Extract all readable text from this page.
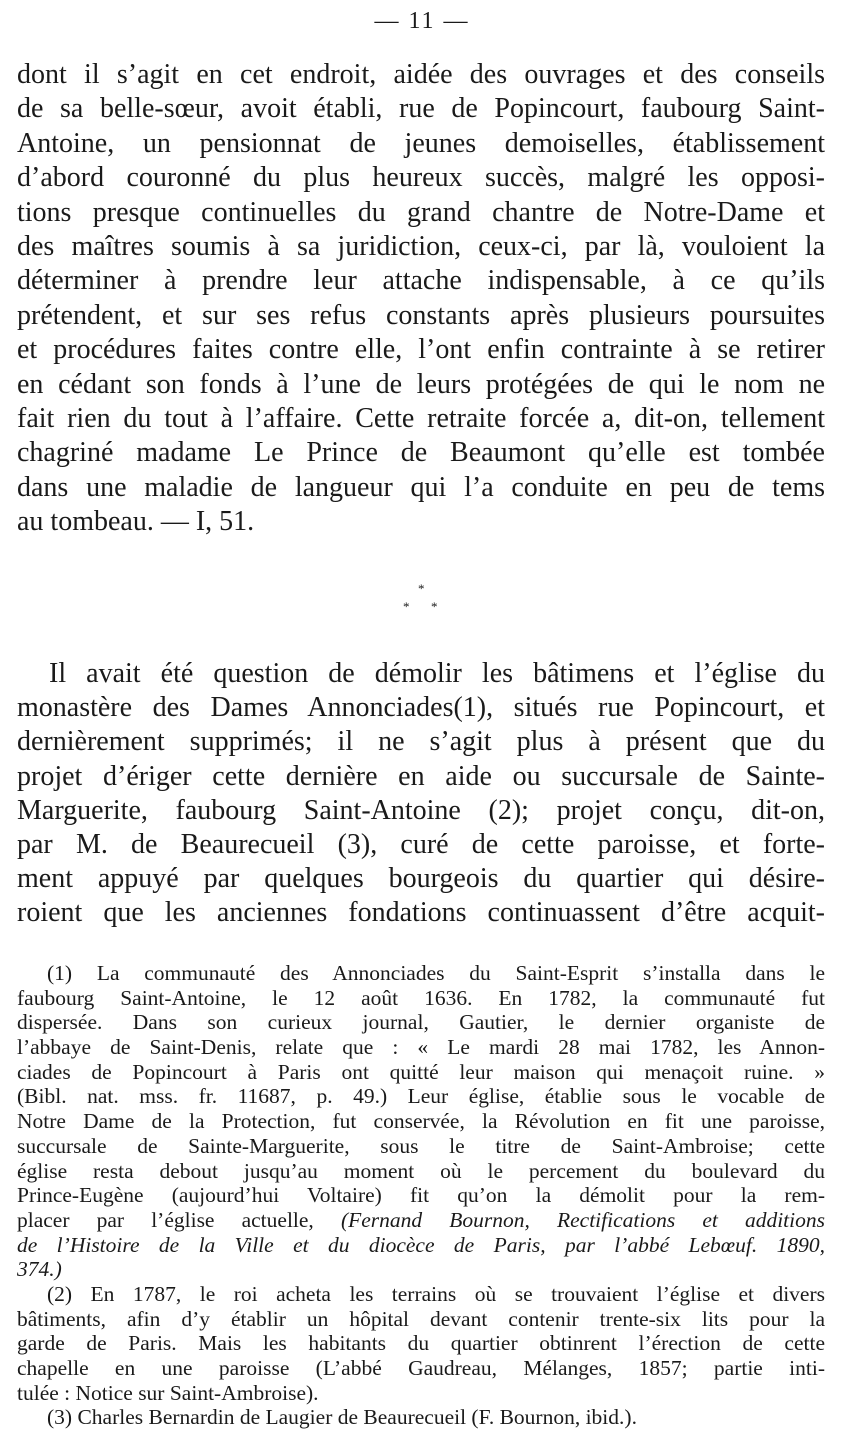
— 11 —
dont il s’agit en cet endroit, aidée des ouvrages et des conseils
de sa belle-sœur, avoit établi, rue de Popincourt, faubourg Saint-
Antoine, un pensionnat de jeunes demoiselles, établissement
d’abord couronné du plus heureux succès, malgré les opposi-
tions presque continuelles du grand chantre de Notre-Dame et
des maîtres soumis à sa juridiction, ceux-ci, par là, vouloient la
déterminer à prendre leur attache indispensable, à ce qu’ils
prétendent, et sur ses refus constants après plusieurs poursuites
et procédures faites contre elle, l’ont enfin contrainte à se retirer
en cédant son fonds à l’une de leurs protégées de qui le nom ne
fait rien du tout à l’affaire. Cette retraite forcée a, dit-on, tellement
chagriné madame Le Prince de Beaumont qu’elle est tombée
dans une maladie de langueur qui l’a conduite en peu de tems
au tombeau. — I, 51.
*
* *
Il avait été question de démolir les bâtimens et l’église du
monastère des Dames Annonciades(1), situés rue Popincourt, et
dernièrement supprimés; il ne s’agit plus à présent que du
projet d’ériger cette dernière en aide ou succursale de Sainte-
Marguerite, faubourg Saint-Antoine (2); projet conçu, dit-on,
par M. de Beaurecueil (3), curé de cette paroisse, et forte-
ment appuyé par quelques bourgeois du quartier qui désire-
roient que les anciennes fondations continuassent d’être acquit-
(1) La communauté des Annonciades du Saint-Esprit s’installa dans le
faubourg Saint-Antoine, le 12 août 1636. En 1782, la communauté fut
dispersée. Dans son curieux journal, Gautier, le dernier organiste de
l’abbaye de Saint-Denis, relate que : « Le mardi 28 mai 1782, les Annon-
ciades de Popincourt à Paris ont quitté leur maison qui menaçoit ruine. »
(Bibl. nat. mss. fr. 11687, p. 49.) Leur église, établie sous le vocable de
Notre Dame de la Protection, fut conservée, la Révolution en fit une paroisse,
succursale de Sainte-Marguerite, sous le titre de Saint-Ambroise; cette
église resta debout jusqu’au moment où le percement du boulevard du
Prince-Eugène (aujourd’hui Voltaire) fit qu’on la démolit pour la rem-
placer par l’église actuelle, (Fernand Bournon, Rectifications et additions
de l’Histoire de la Ville et du diocèce de Paris, par l’abbé Lebœuf. 1890,
374.)
(2) En 1787, le roi acheta les terrains où se trouvaient l’église et divers
bâtiments, afin d’y établir un hôpital devant contenir trente-six lits pour la
garde de Paris. Mais les habitants du quartier obtinrent l’érection de cette
chapelle en une paroisse (L’abbé Gaudreau, Mélanges, 1857; partie inti-
tulée : Notice sur Saint-Ambroise).
(3) Charles Bernardin de Laugier de Beaurecueil (F. Bournon, ibid.).
